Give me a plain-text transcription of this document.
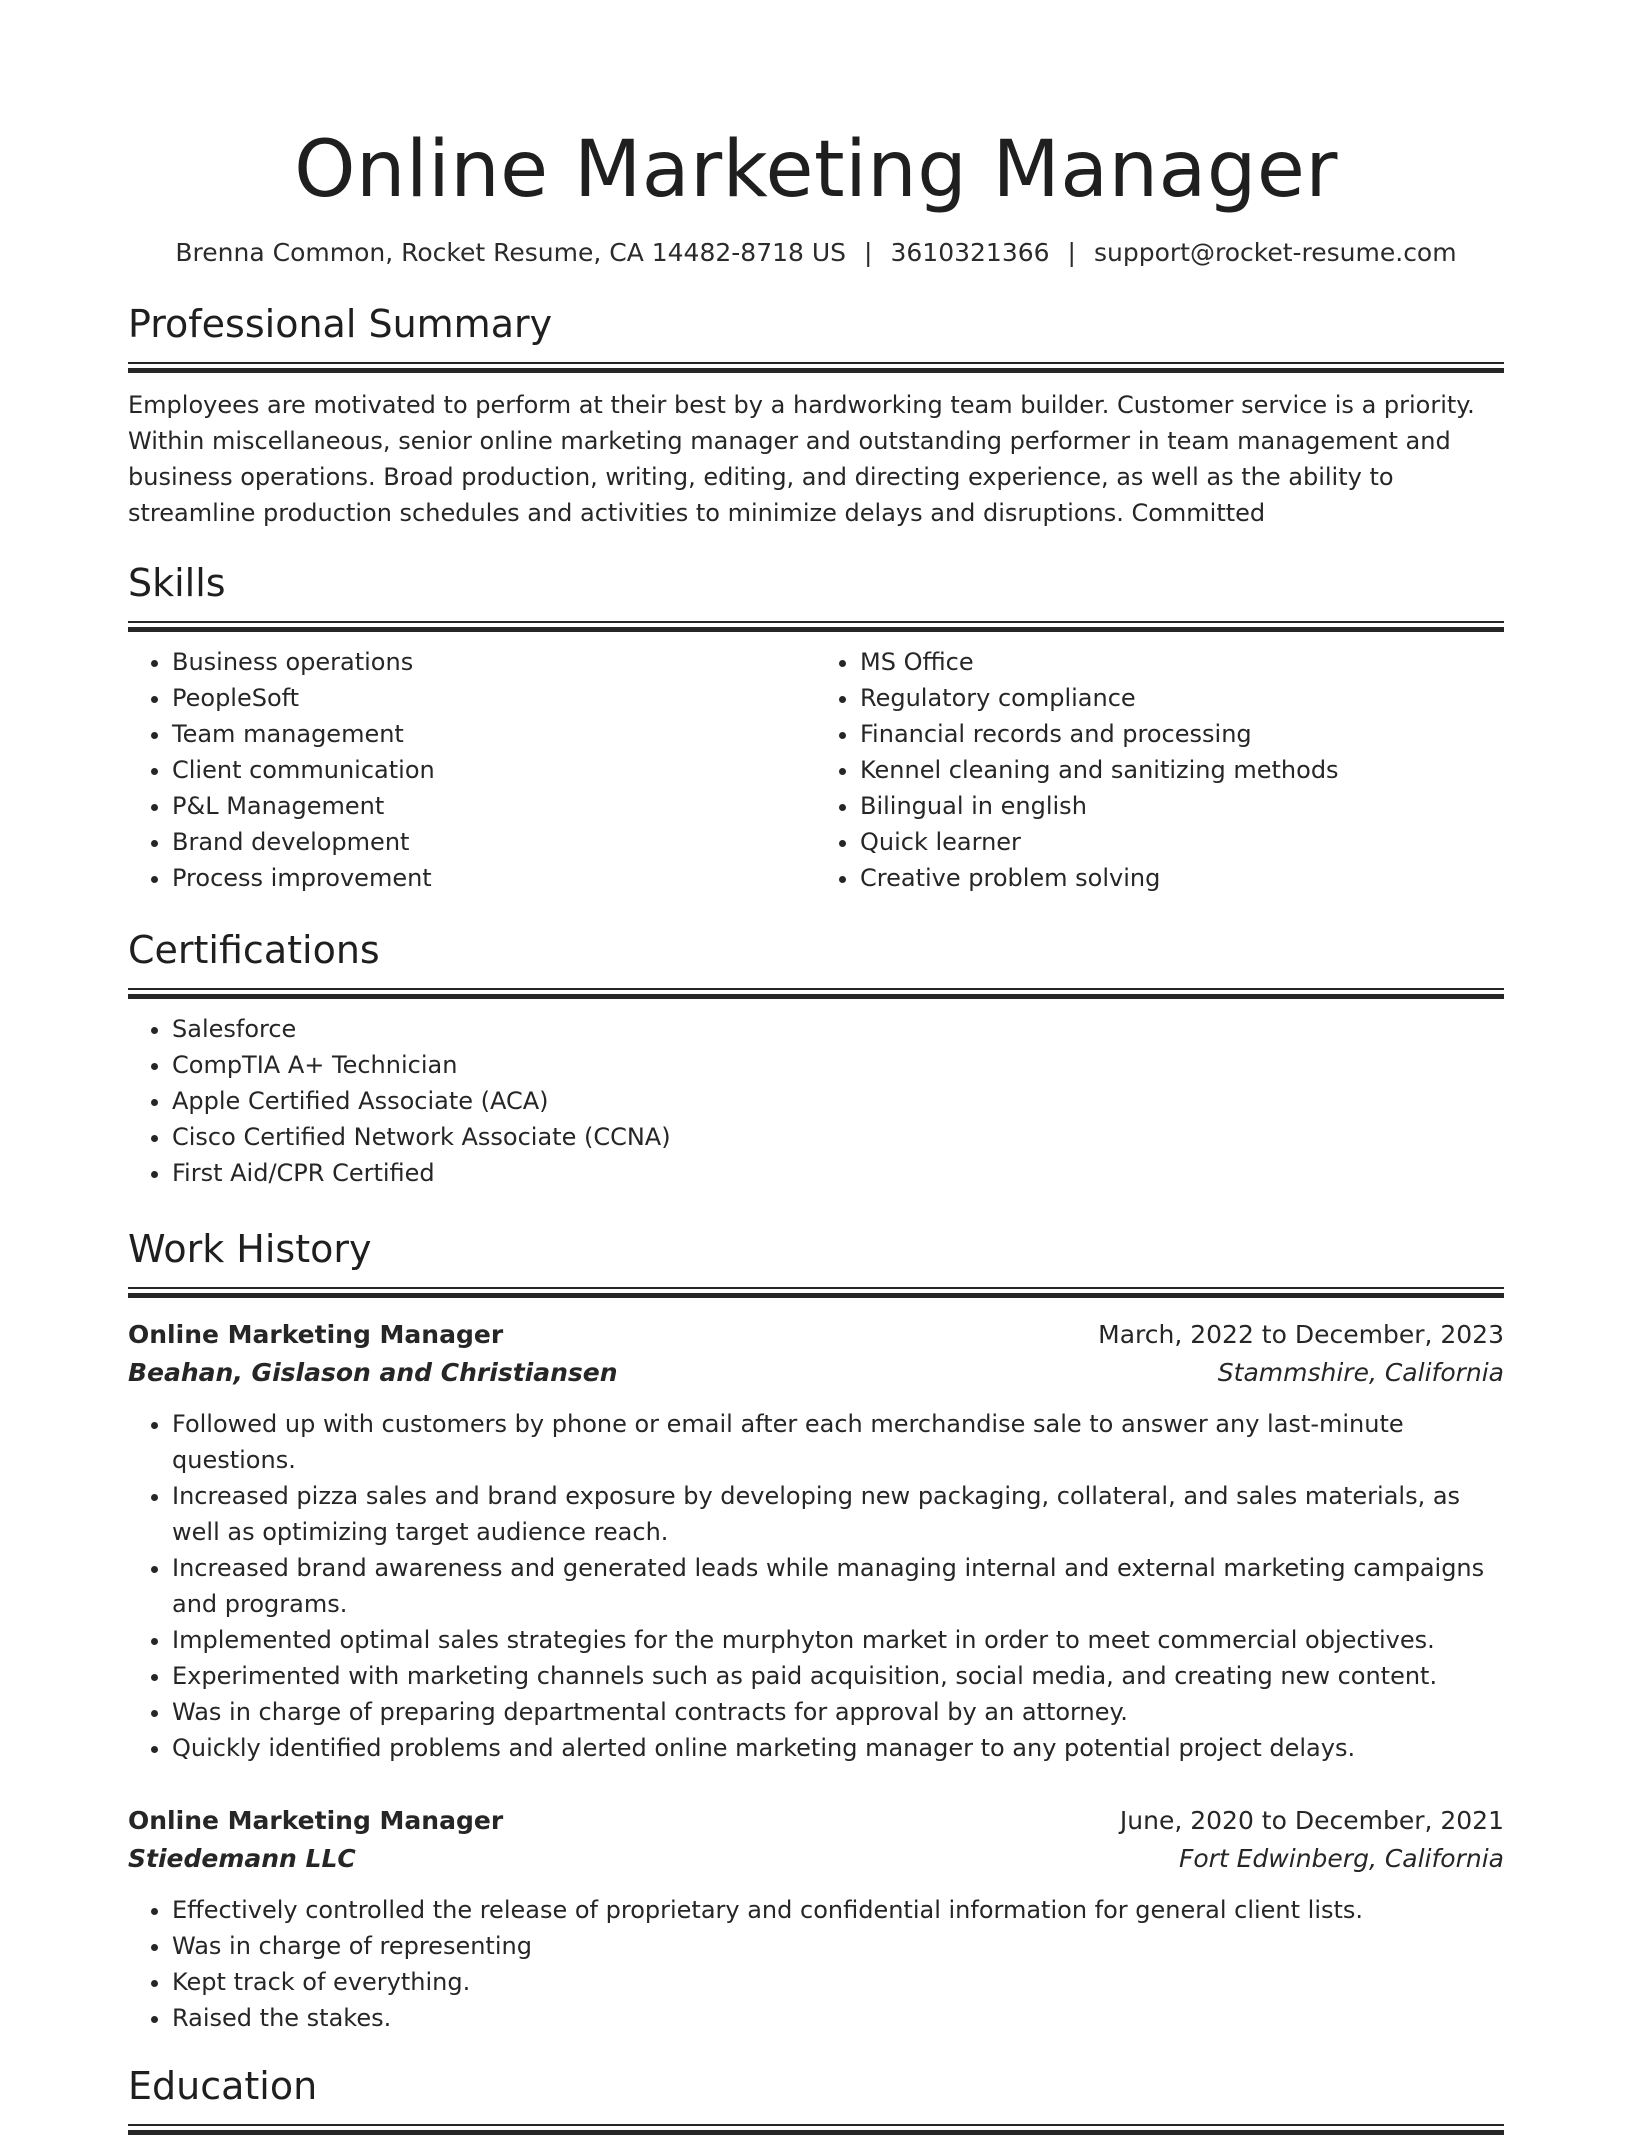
Online Marketing Manager
Brenna Common, Rocket Resume, CA 14482-8718 US | 3610321366 | support@rocket-resume.com
Professional Summary
Employees are motivated to perform at their best by a hardworking team builder. Customer service is a priority. Within miscellaneous, senior online marketing manager and outstanding performer in team management and business operations. Broad production, writing, editing, and directing experience, as well as the ability to streamline production schedules and activities to minimize delays and disruptions. Committed
Skills
• Business operations
• PeopleSoft
• Team management
• Client communication
• P&L Management
• Brand development
• Process improvement
• MS Office
• Regulatory compliance
• Financial records and processing
• Kennel cleaning and sanitizing methods
• Bilingual in english
• Quick learner
• Creative problem solving
Certifications
• Salesforce
• CompTIA A+ Technician
• Apple Certified Associate (ACA)
• Cisco Certified Network Associate (CCNA)
• First Aid/CPR Certified
Work History
Online Marketing Manager	March, 2022 to December, 2023
Beahan, Gislason and Christiansen	Stammshire, California
• Followed up with customers by phone or email after each merchandise sale to answer any last-minute questions.
• Increased pizza sales and brand exposure by developing new packaging, collateral, and sales materials, as well as optimizing target audience reach.
• Increased brand awareness and generated leads while managing internal and external marketing campaigns and programs.
• Implemented optimal sales strategies for the murphyton market in order to meet commercial objectives.
• Experimented with marketing channels such as paid acquisition, social media, and creating new content.
• Was in charge of preparing departmental contracts for approval by an attorney.
• Quickly identified problems and alerted online marketing manager to any potential project delays.
Online Marketing Manager	June, 2020 to December, 2021
Stiedemann LLC	Fort Edwinberg, California
• Effectively controlled the release of proprietary and confidential information for general client lists.
• Was in charge of representing
• Kept track of everything.
• Raised the stakes.
Education
